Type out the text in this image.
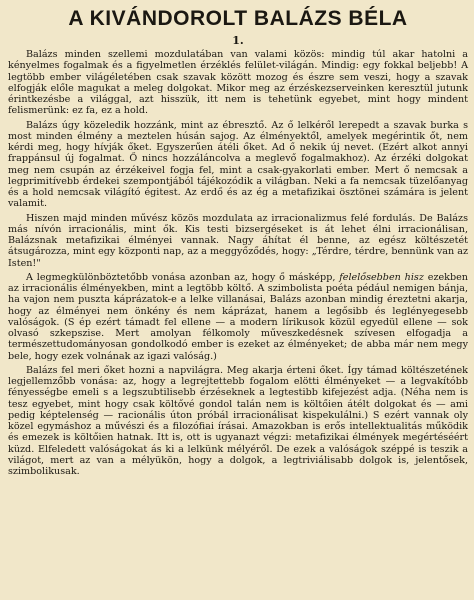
A KIVÁNDOROLT BALÁZS BÉLA
1.

Balázs minden szellemi mozdulatában van valami közös: mindig túl akar hatolni a kényelmes fogalmak és a figyelmetlen érzéklés felület-világán. Mindig: egy fokkal beljebb! A legtöbb ember világéletében csak szavak között mozog és észre sem veszi, hogy a szavak elfogják előle magukat a meleg dolgokat. Mikor meg az érzéskezserveinken keresztül jutunk érintkezésbe a világgal, azt hisszük, itt nem is tehetünk egyebet, mint hogy mindent felismerünk: ez fa, ez a hold.

Balázs úgy közeledik hozzánk, mint az ébresztő. Az ő lelkéről lerepedt a szavak burka s most minden élmény a meztelen húsán sajog. Az élményektől, amelyek megérintik őt, nem kérdi meg, hogy hívják őket. Egyszerűen átéli őket. Ad ő nekik új nevet. (Ezért alkot annyi frappánsul új fogalmat. Ő nincs hozzáláncolva a meglevő fogalmakhoz). Az érzéki dolgokat meg nem csupán az érzékeivel fogja fel, mint a csak-gyakorlati ember. Mert ő nemcsak a legprimitívebb érdekei szempontjából tájékozódik a világban. Neki a fa nemcsak tüzelőanyag és a hold nemcsak világító égitest. Az erdő és az ég a metafizikai ösztönei számára is jelent valamit.

Hiszen majd minden művész közös mozdulata az irracionalizmus felé fordulás. De Balázs más nívón irracionális, mint ők. Kis testi bizsergéseket is át lehet élni irracionálisan, Balázsnak metafizikai élményei vannak. Nagy áhítat él benne, az egész költészetét átsugározza, mint egy központi nap, az a meggyőződés, hogy: „Térdre, térdre, bennünk van az Isten!"

A legmegkülönböztetőbb vonása azonban az, hogy ő másképp, felelősebben hisz ezekben az irracionális élményekben, mint a legtöbb költő. A szimbolista poéta pédául nemigen bánja, ha vajon nem puszta káprázatok-e a lelke villanásai, Balázs azonban mindig éreztetni akarja, hogy az élményei nem önkény és nem káprázat, hanem a legősibb és leglényegesebb valóságok. (S ép ezért támadt fel ellene — a modern lírikusok közül egyedül ellene — sok olvasó szkepszise. Mert amolyan félkomoly műveszkedésnek szívesen elfogadja a természettudományosan gondolkodó ember is ezeket az élményeket; de abba már nem megy bele, hogy ezek volnának az igazi valóság.)

Balázs fel meri őket hozni a napvilágra. Meg akarja érteni őket. Így támad költészetének legjellemzőbb vonása: az, hogy a legrejtettebb fogalom elötti élményeket — a legvakítóbb fényességbe emeli s a legszubtilisebb érzéseknek a legtestibb kifejezést adja. (Néha nem is tesz egyebet, mint hogy csak költővé gondol talán nem is költőien átélt dolgokat és — ami pedig képtelenség — racionális úton próbál irracionálisat kispekulálni.) S ezért vannak oly közel egymáshoz a művészi és a filozófiai írásai. Amazokban is erős intellektualitás működik és emezek is költőien hatnak. Itt is, ott is ugyanazt végzi: metafizikai élmények megértéséért küzd. Elfeledett valóságokat ás ki a lelkünk mélyéről. De ezek a valóságok széppé is teszik a világot, mert az van a mélyükön, hogy a dolgok, a legtriviálisabb dolgok is, jelentősek, szimbolikusak.
